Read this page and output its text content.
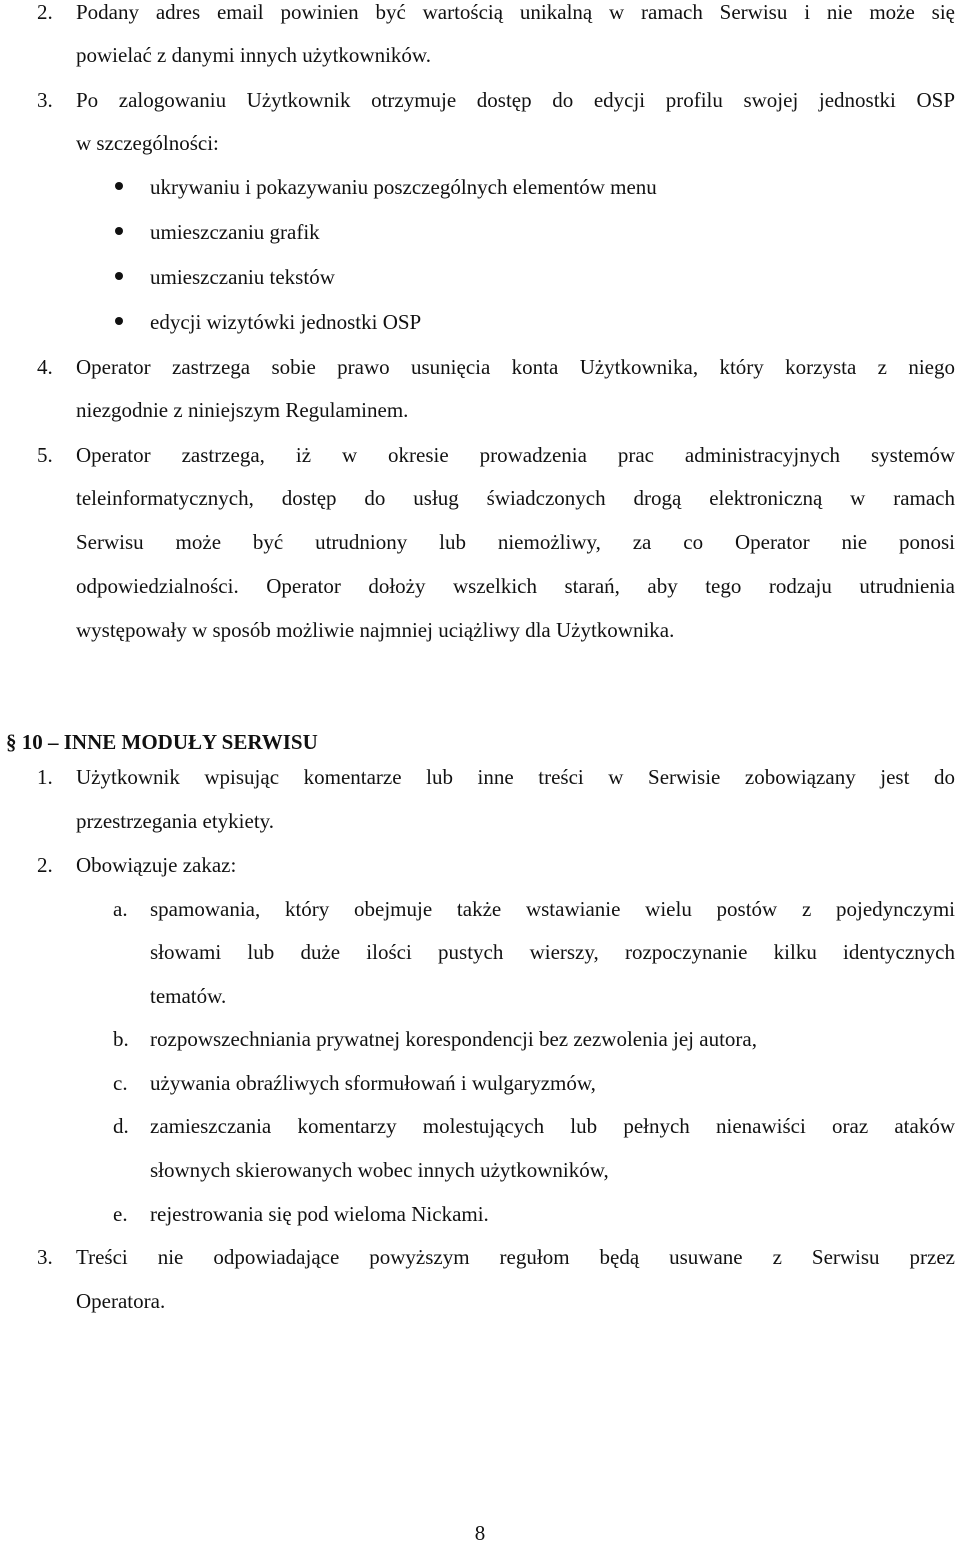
2.	Podany adres email powinien być wartością unikalną w ramach Serwisu i nie może się
powielać z danymi innych użytkowników.
3.	Po zalogowaniu Użytkownik otrzymuje dostęp do edycji profilu swojej jednostki OSP
w szczególności:
ukrywaniu i pokazywaniu poszczególnych elementów menu
umieszczaniu grafik
umieszczaniu tekstów
edycji wizytówki jednostki OSP
4.	Operator zastrzega sobie prawo usunięcia konta Użytkownika, który korzysta z niego
niezgodnie z niniejszym Regulaminem.
5.	Operator zastrzega, iż w okresie prowadzenia prac administracyjnych systemów
teleinformatycznych, dostęp do usług świadczonych drogą elektroniczną w ramach
Serwisu może być utrudniony lub niemożliwy, za co Operator nie ponosi
odpowiedzialności. Operator dołoży wszelkich starań, aby tego rodzaju utrudnienia
występowały w sposób możliwie najmniej uciążliwy dla Użytkownika.
§ 10 – INNE MODUŁY SERWISU
1.	Użytkownik wpisując komentarze lub inne treści w Serwisie zobowiązany jest do
przestrzegania etykiety.
2.	Obowiązuje zakaz:
a. spamowania, który obejmuje także wstawianie wielu postów z pojedynczymi
słowami lub duże ilości pustych wierszy, rozpoczynanie kilku identycznych
tematów.
b. rozpowszechniania prywatnej korespondencji bez zezwolenia jej autora,
c. używania obraźliwych sformułowań i wulgaryzmów,
d. zamieszczania komentarzy molestujących lub pełnych nienawiści oraz ataków
słownych skierowanych wobec innych użytkowników,
e. rejestrowania się pod wieloma Nickami.
3.	Treści nie odpowiadające powyższym regułom będą usuwane z Serwisu przez
Operatora.
8
